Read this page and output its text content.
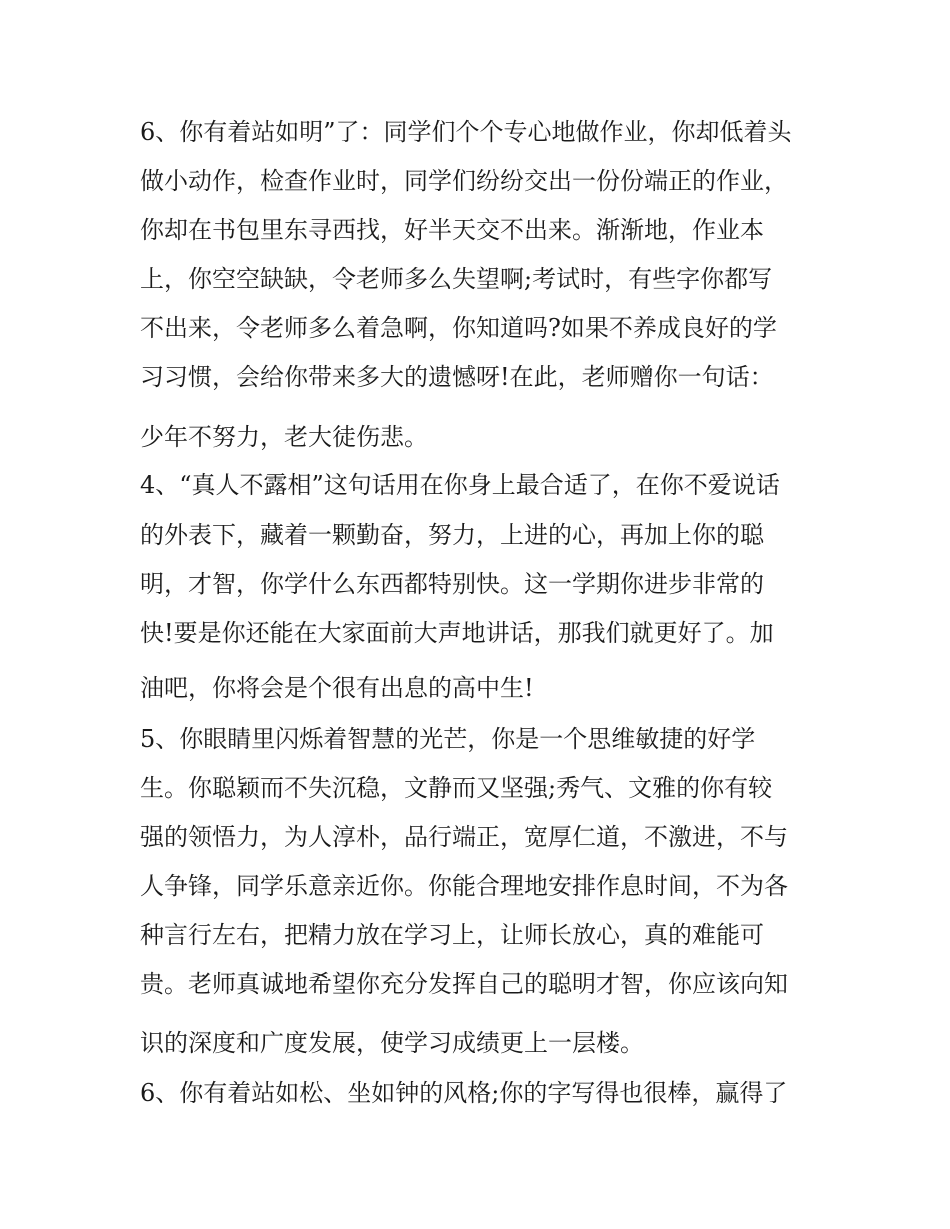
6、你有着站如明”了：同学们个个专心地做作业，你却低着头
做小动作，检查作业时，同学们纷纷交出一份份端正的作业，
你却在书包里东寻西找，好半天交不出来。渐渐地，作业本
上，你空空缺缺，令老师多么失望啊;考试时，有些字你都写
不出来，令老师多么着急啊，你知道吗?如果不养成良好的学
习习惯，会给你带来多大的遗憾呀!在此，老师赠你一句话：
少年不努力，老大徒伤悲。
4、“真人不露相”这句话用在你身上最合适了，在你不爱说话
的外表下，藏着一颗勤奋，努力，上进的心，再加上你的聪
明，才智，你学什么东西都特别快。这一学期你进步非常的
快!要是你还能在大家面前大声地讲话，那我们就更好了。加
油吧，你将会是个很有出息的高中生!
5、你眼睛里闪烁着智慧的光芒，你是一个思维敏捷的好学
生。你聪颖而不失沉稳，文静而又坚强;秀气、文雅的你有较
强的领悟力，为人淳朴，品行端正，宽厚仁道，不激进，不与
人争锋，同学乐意亲近你。你能合理地安排作息时间，不为各
种言行左右，把精力放在学习上，让师长放心，真的难能可
贵。老师真诚地希望你充分发挥自己的聪明才智，你应该向知
识的深度和广度发展，使学习成绩更上一层楼。
6、你有着站如松、坐如钟的风格;你的字写得也很棒，赢得了
